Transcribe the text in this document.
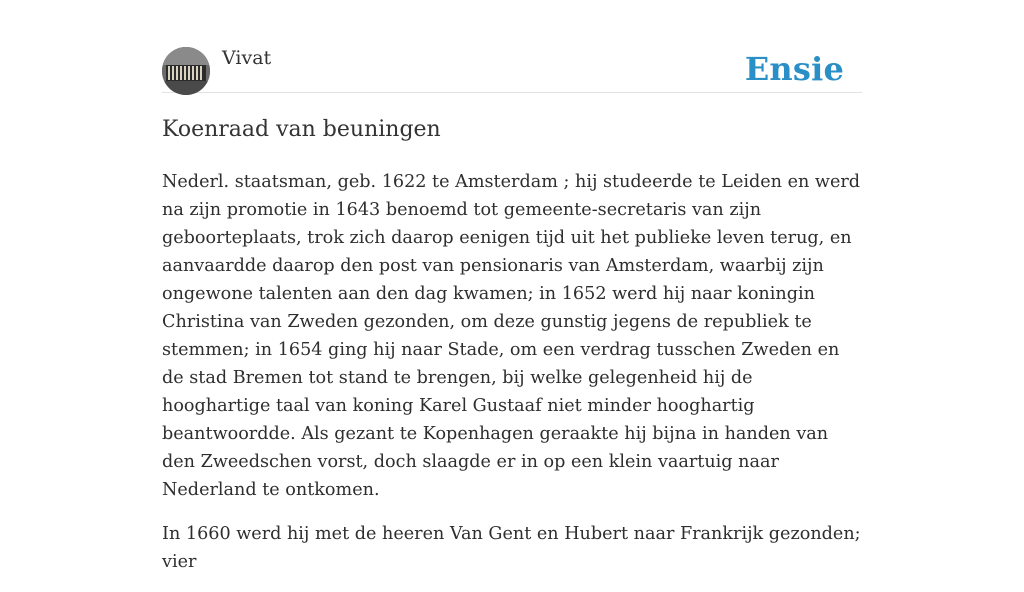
Vivat	Ensie
Koenraad van beuningen

Nederl. staatsman, geb. 1622 te Amsterdam ; hij studeerde te Leiden en werd na zijn promotie in 1643 benoemd tot gemeente-secretaris van zijn geboorteplaats, trok zich daarop eenigen tijd uit het publieke leven terug, en aanvaardde daarop den post van pensionaris van Amsterdam, waarbij zijn ongewone talenten aan den dag kwamen; in 1652 werd hij naar koningin Christina van Zweden gezonden, om deze gunstig jegens de republiek te stemmen; in 1654 ging hij naar Stade, om een verdrag tusschen Zweden en de stad Bremen tot stand te brengen, bij welke gelegenheid hij de hooghartige taal van koning Karel Gustaaf niet minder hooghartig beantwoordde. Als gezant te Kopenhagen geraakte hij bijna in handen van den Zweedschen vorst, doch slaagde er in op een klein vaartuig naar Nederland te ontkomen.

In 1660 werd hij met de heeren Van Gent en Hubert naar Frankrijk gezonden; vier
